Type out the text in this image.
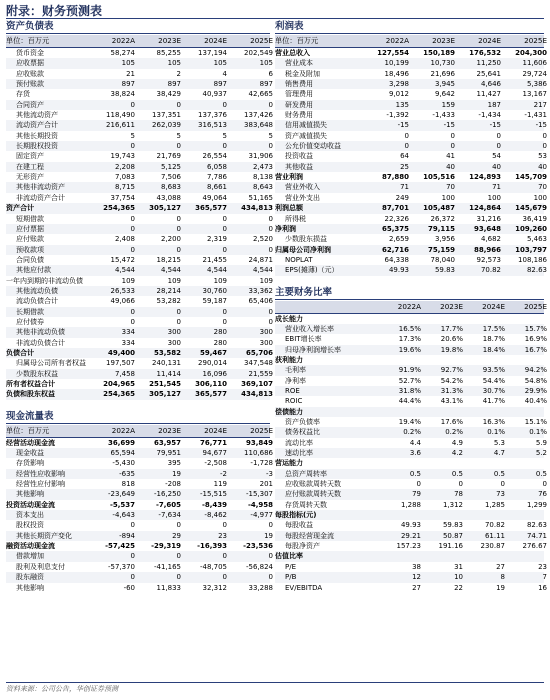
附录：财务预测表
资产负债表
单位：百万元	2022A	2023E	2024E	2025E
货币资金	58,274	85,255	137,194	202,549
应收票据	105	105	105	105
应收账款	21	2	4	6
预付账款	897	897	897	897
存货	38,824	38,429	40,937	42,665
合同资产	0	0	0	0
其他流动资产	118,490	137,351	137,376	137,426
流动资产合计	216,611	262,039	316,513	383,648
其他长期投资	5	5	5	5
长期股权投资	0	0	0	0
固定资产	19,743	21,769	26,554	31,906
在建工程	2,208	5,125	6,058	2,473
无形资产	7,083	7,506	7,786	8,138
其他非流动资产	8,715	8,683	8,661	8,643
非流动资产合计	37,754	43,088	49,064	51,165
资产合计	254,365	305,127	365,577	434,813
短期借款	0	0	0	0
应付票据	0	0	0	0
应付账款	2,408	2,200	2,319	2,520
预收款项	0	0	0	0
合同负债	15,472	18,215	21,455	24,871
其他应付款	4,544	4,544	4,544	4,544
一年内到期的非流动负债	109	109	109	109
其他流动负债	26,533	28,214	30,760	33,362
流动负债合计	49,066	53,282	59,187	65,406
长期借款	0	0	0	0
应付债券	0	0	0	0
其他非流动负债	334	300	280	300
非流动负债合计	334	300	280	300
负债合计	49,400	53,582	59,467	65,706
归属母公司所有者权益	197,507	240,131	290,014	347,548
少数股东权益	7,458	11,414	16,096	21,559
所有者权益合计	204,965	251,545	306,110	369,107
负债和股东权益	254,365	305,127	365,577	434,813
现金流量表
单位：百万元	2022A	2023E	2024E	2025E
经营活动现金流	36,699	63,957	76,771	93,849
现金收益	65,594	79,951	94,677	110,686
存货影响	-5,430	395	-2,508	-1,728
经营性应收影响	-635	19	-2	-3
经营性应付影响	818	-208	119	201
其他影响	-23,649	-16,250	-15,515	-15,307
投资活动现金流	-5,537	-7,605	-8,439	-4,958
资本支出	-4,643	-7,634	-8,462	-4,977
股权投资	0	0	0	0
其他长期资产变化	-894	29	23	19
融资活动现金流	-57,425	-29,319	-16,393	-23,536
借款增加	0	0	0	0
股利及利息支付	-57,370	-41,165	-48,705	-56,824
股东融资	0	0	0	0
其他影响	-60	11,833	32,312	33,288
利润表
单位：百万元	2022A	2023E	2024E	2025E
营业总收入	127,554	150,189	176,532	204,300
营业成本	10,199	10,730	11,250	11,606
税金及附加	18,496	21,696	25,641	29,724
销售费用	3,298	3,945	4,646	5,386
管理费用	9,012	9,642	11,427	13,167
研发费用	135	159	187	217
财务费用	-1,392	-1,433	-1,434	-1,431
信用减值损失	-15	-15	-15	-15
资产减值损失	0	0	0	0
公允价值变动收益	0	0	0	0
投资收益	64	41	54	53
其他收益	25	40	40	40
营业利润	87,880	105,516	124,893	145,709
营业外收入	71	70	71	70
营业外支出	249	100	100	100
利润总额	87,701	105,487	124,864	145,679
所得税	22,326	26,372	31,216	36,419
净利润	65,375	79,115	93,648	109,260
少数股东损益	2,659	3,956	4,682	5,463
归属母公司净利润	62,716	75,159	88,966	103,797
NOPLAT	64,338	78,040	92,573	108,186
EPS(摊薄)（元）	49.93	59.83	70.82	82.63
主要财务比率
2022A	2023E	2024E	2025E
成长能力
营业收入增长率	16.5%	17.7%	17.5%	15.7%
EBIT增长率	17.3%	20.6%	18.7%	16.9%
归母净利润增长率	19.6%	19.8%	18.4%	16.7%
获利能力
毛利率	91.9%	92.7%	93.5%	94.2%
净利率	52.7%	54.2%	54.4%	54.8%
ROE	31.8%	31.3%	30.7%	29.9%
ROIC	44.4%	43.1%	41.7%	40.4%
偿债能力
资产负债率	19.4%	17.6%	16.3%	15.1%
债务权益比	0.2%	0.2%	0.1%	0.1%
流动比率	4.4	4.9	5.3	5.9
速动比率	3.6	4.2	4.7	5.2
营运能力
总资产周转率	0.5	0.5	0.5	0.5
应收账款周转天数	0	0	0	0
应付账款周转天数	79	78	73	76
存货周转天数	1,288	1,312	1,285	1,299
每股指标(元)
每股收益	49.93	59.83	70.82	82.63
每股经营现金流	29.21	50.87	61.11	74.71
每股净资产	157.23	191.16	230.87	276.67
估值比率
P/E	38	31	27	23
P/B	12	10	8	7
EV/EBITDA	27	22	19	16
资料来源：公司公告，华创证券预测
